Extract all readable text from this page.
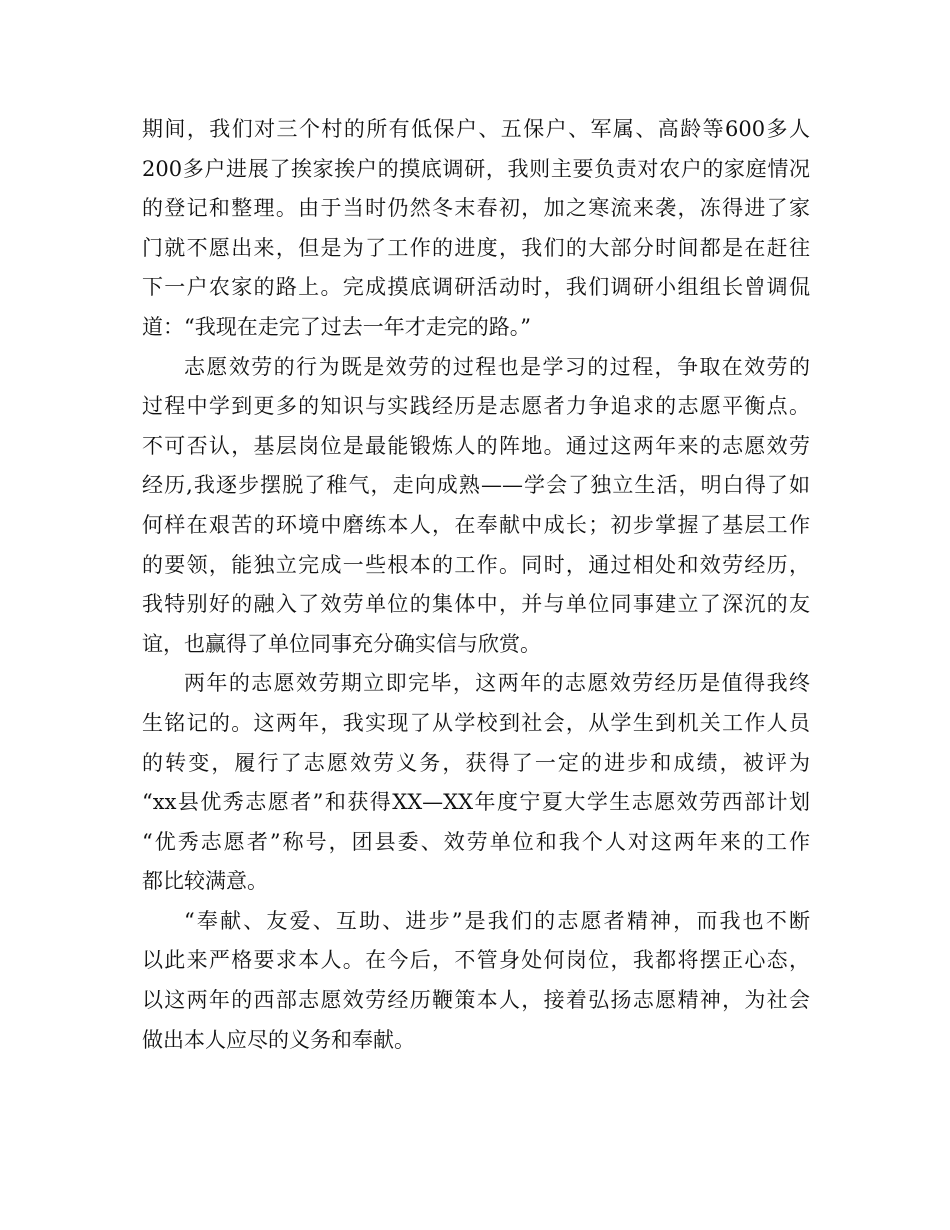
期间，我们对三个村的所有低保户、五保户、军属、高龄等600多人
200多户进展了挨家挨户的摸底调研，我则主要负责对农户的家庭情况
的登记和整理。由于当时仍然冬末春初，加之寒流来袭，冻得进了家
门就不愿出来，但是为了工作的进度，我们的大部分时间都是在赶往
下一户农家的路上。完成摸底调研活动时，我们调研小组组长曾调侃
道：“我现在走完了过去一年才走完的路。”
志愿效劳的行为既是效劳的过程也是学习的过程，争取在效劳的
过程中学到更多的知识与实践经历是志愿者力争追求的志愿平衡点。
不可否认，基层岗位是最能锻炼人的阵地。通过这两年来的志愿效劳
经历,我逐步摆脱了稚气，走向成熟——学会了独立生活，明白得了如
何样在艰苦的环境中磨练本人，在奉献中成长；初步掌握了基层工作
的要领，能独立完成一些根本的工作。同时，通过相处和效劳经历，
我特别好的融入了效劳单位的集体中，并与单位同事建立了深沉的友
谊，也赢得了单位同事充分确实信与欣赏。
两年的志愿效劳期立即完毕，这两年的志愿效劳经历是值得我终
生铭记的。这两年，我实现了从学校到社会，从学生到机关工作人员
的转变，履行了志愿效劳义务，获得了一定的进步和成绩，被评为
“xx县优秀志愿者”和获得XX—XX年度宁夏大学生志愿效劳西部计划
“优秀志愿者”称号，团县委、效劳单位和我个人对这两年来的工作
都比较满意。
“奉献、友爱、互助、进步”是我们的志愿者精神，而我也不断
以此来严格要求本人。在今后，不管身处何岗位，我都将摆正心态，
以这两年的西部志愿效劳经历鞭策本人，接着弘扬志愿精神，为社会
做出本人应尽的义务和奉献。
